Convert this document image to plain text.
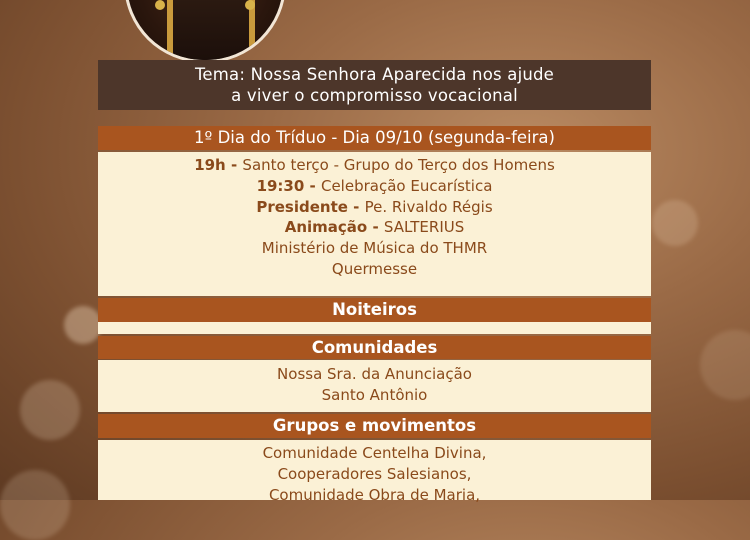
Tema: Nossa Senhora Aparecida nos ajude
a viver o compromisso vocacional
1º Dia do Tríduo - Dia 09/10 (segunda-feira)
19h - Santo terço - Grupo do Terço dos Homens
19:30 - Celebração Eucarística
Presidente - Pe. Rivaldo Régis
Animação - SALTERIUS
Ministério de Música do THMR
Quermesse
Noiteiros
Comunidades
Nossa Sra. da Anunciação
Santo Antônio
Grupos e movimentos
Comunidade Centelha Divina,
Cooperadores Salesianos,
Comunidade Obra de Maria,
